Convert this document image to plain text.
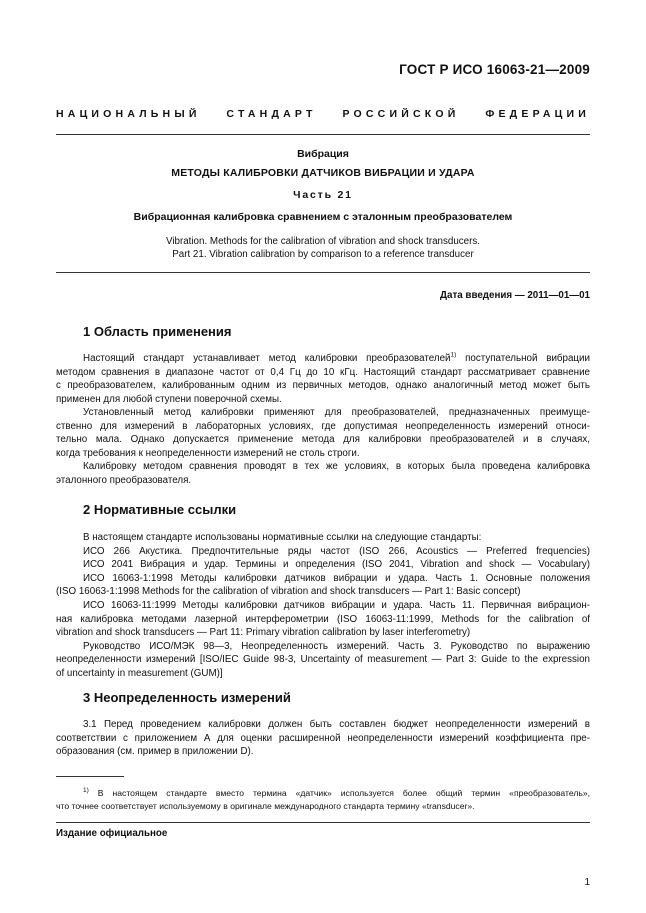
ГОСТ Р ИСО 16063-21—2009
НАЦИОНАЛЬНЫЙ СТАНДАРТ РОССИЙСКОЙ ФЕДЕРАЦИИ
Вибрация
МЕТОДЫ КАЛИБРОВКИ ДАТЧИКОВ ВИБРАЦИИ И УДАРА
Часть 21
Вибрационная калибровка сравнением с эталонным преобразователем
Vibration. Methods for the calibration of vibration and shock transducers.
Part 21. Vibration calibration by comparison to a reference transducer
Дата введения — 2011—01—01
1 Область применения
Настоящий стандарт устанавливает метод калибровки преобразователей$^{1)}$ поступательной вибрации
методом сравнения в диапазоне частот от 0,4 Гц до 10 кГц. Настоящий стандарт рассматривает сравнение
с преобразователем, калиброванным одним из первичных методов, однако аналогичный метод может быть
применен для любой ступени поверочной схемы.
Установленный метод калибровки применяют для преобразователей, предназначенных преимуще-
ственно для измерений в лабораторных условиях, где допустимая неопределенность измерений относи-
тельно мала. Однако допускается применение метода для калибровки преобразователей и в случаях,
когда требования к неопределенности измерений не столь строги.
Калибровку методом сравнения проводят в тех же условиях, в которых была проведена калибровка
эталонного преобразователя.
2 Нормативные ссылки
В настоящем стандарте использованы нормативные ссылки на следующие стандарты:
ИСО 266 Акустика. Предпочтительные ряды частот (ISO 266, Acoustics — Preferred frequencies)
ИСО 2041 Вибрация и удар. Термины и определения (ISO 2041, Vibration and shock — Vocabulary)
ИСО 16063-1:1998 Методы калибровки датчиков вибрации и удара. Часть 1. Основные положения
(ISO 16063-1:1998 Methods for the calibration of vibration and shock transducers — Part 1: Basic concept)
ИСО 16063-11:1999 Методы калибровки датчиков вибрации и удара. Часть 11. Первичная вибрацион-
ная калибровка методами лазерной интерферометрии (ISO 16063-11:1999, Methods for the calibration of
vibration and shock transducers — Part 11: Primary vibration calibration by laser interferometry)
Руководство ИСО/МЭК 98—3, Неопределенность измерений. Часть 3. Руководство по выражению
неопределенности измерений [ISO/IEC Guide 98-3, Uncertainty of measurement — Part 3: Guide to the expression
of uncertainty in measurement (GUM)]
3 Неопределенность измерений
3.1 Перед проведением калибровки должен быть составлен бюджет неопределенности измерений в
соответствии с приложением А для оценки расширенной неопределенности измерений коэффициента пре-
образования (см. пример в приложении D).
$^{1)}$ В настоящем стандарте вместо термина «датчик» используется более общий термин «преобразователь»,
что точнее соответствует используемому в оригинале международного стандарта термину «transducer».
Издание официальное
1
